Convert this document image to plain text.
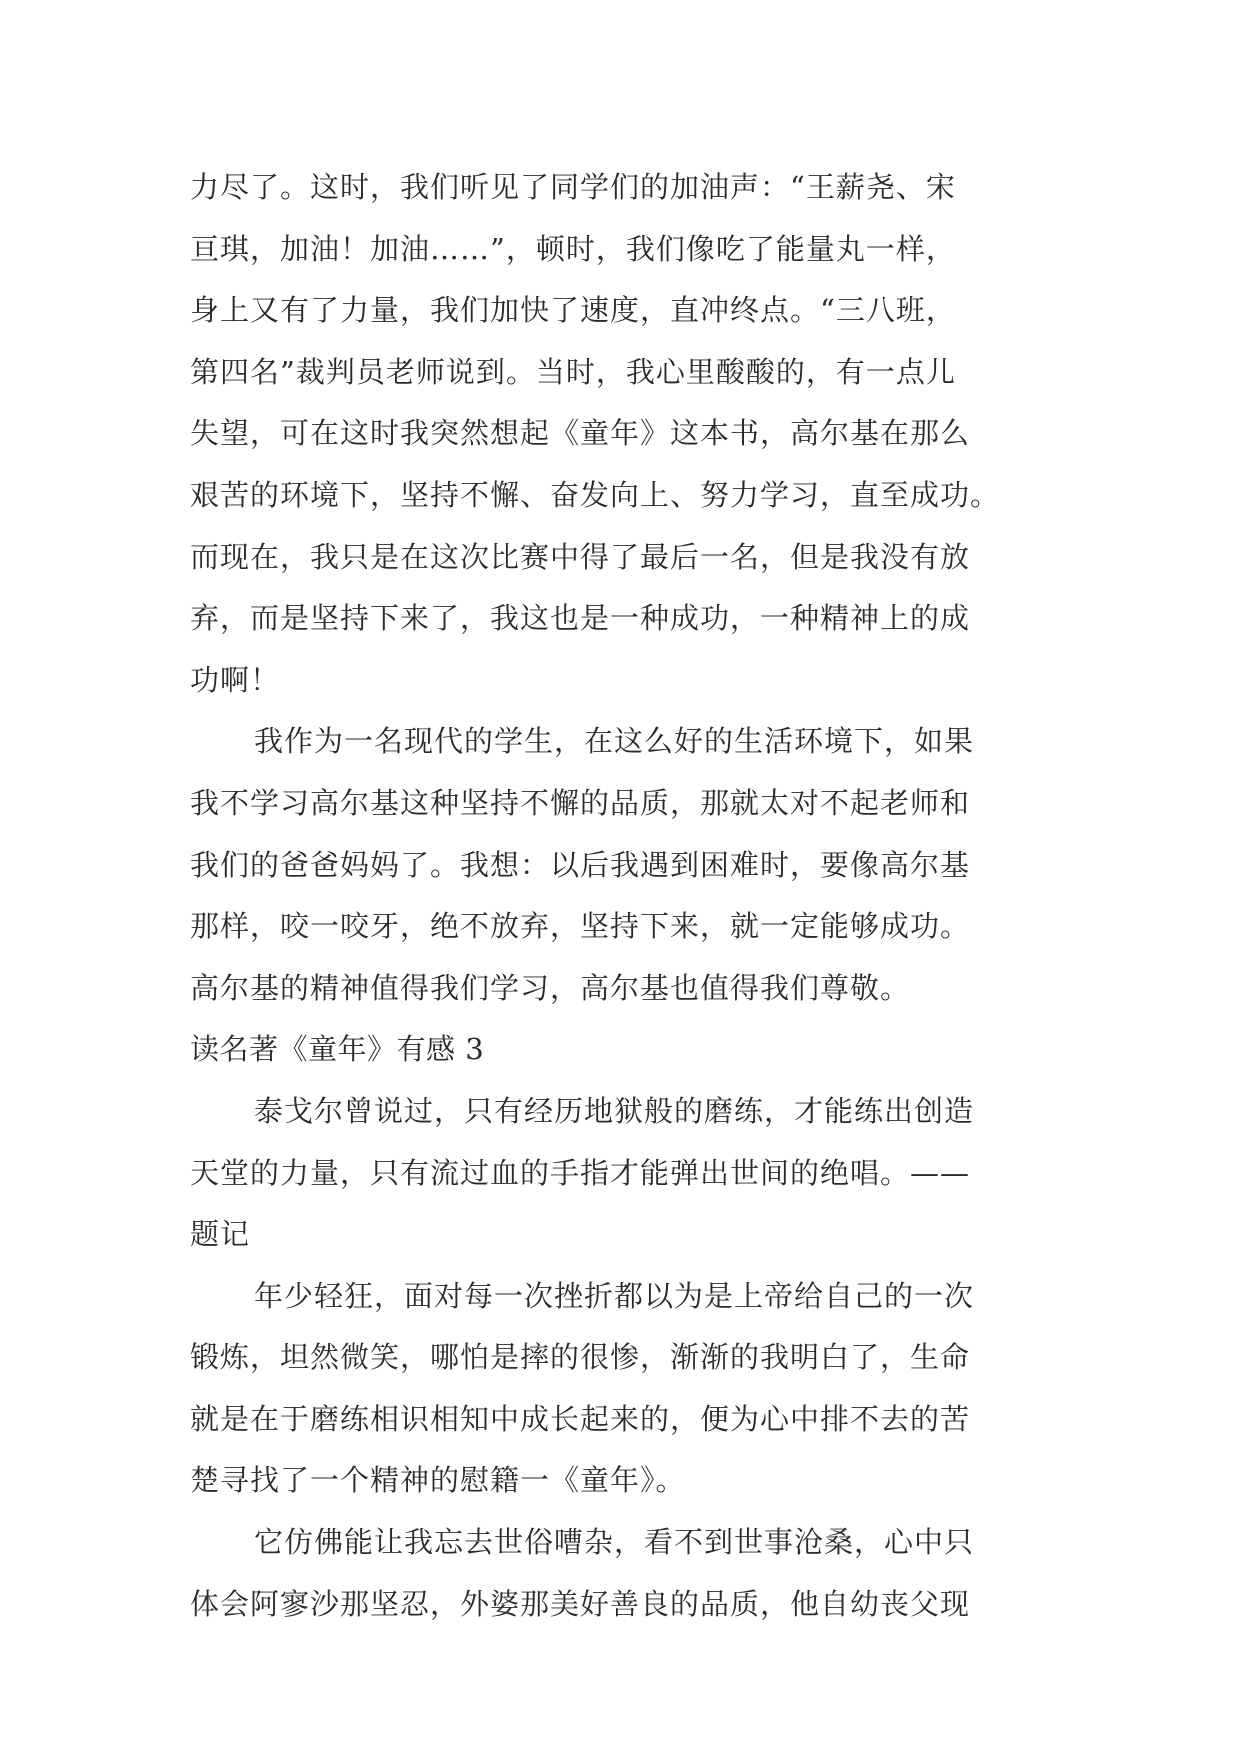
力尽了。这时，我们听见了同学们的加油声：“王薪尧、宋
亘琪，加油！加油……”，顿时，我们像吃了能量丸一样，
身上又有了力量，我们加快了速度，直冲终点。“三八班，
第四名”裁判员老师说到。当时，我心里酸酸的，有一点儿
失望，可在这时我突然想起《童年》这本书，高尔基在那么
艰苦的环境下，坚持不懈、奋发向上、努力学习，直至成功。
而现在，我只是在这次比赛中得了最后一名，但是我没有放
弃，而是坚持下来了，我这也是一种成功，一种精神上的成
功啊！
我作为一名现代的学生，在这么好的生活环境下，如果
我不学习高尔基这种坚持不懈的品质，那就太对不起老师和
我们的爸爸妈妈了。我想：以后我遇到困难时，要像高尔基
那样，咬一咬牙，绝不放弃，坚持下来，就一定能够成功。
高尔基的精神值得我们学习，高尔基也值得我们尊敬。
读名著《童年》有感 3
泰戈尔曾说过，只有经历地狱般的磨练，才能练出创造
天堂的力量，只有流过血的手指才能弹出世间的绝唱。——
题记
年少轻狂，面对每一次挫折都以为是上帝给自己的一次
锻炼，坦然微笑，哪怕是摔的很惨，渐渐的我明白了，生命
就是在于磨练相识相知中成长起来的，便为心中排不去的苦
楚寻找了一个精神的慰籍一《童年》。
它仿佛能让我忘去世俗嘈杂，看不到世事沧桑，心中只
体会阿寥沙那坚忍，外婆那美好善良的品质，他自幼丧父现
